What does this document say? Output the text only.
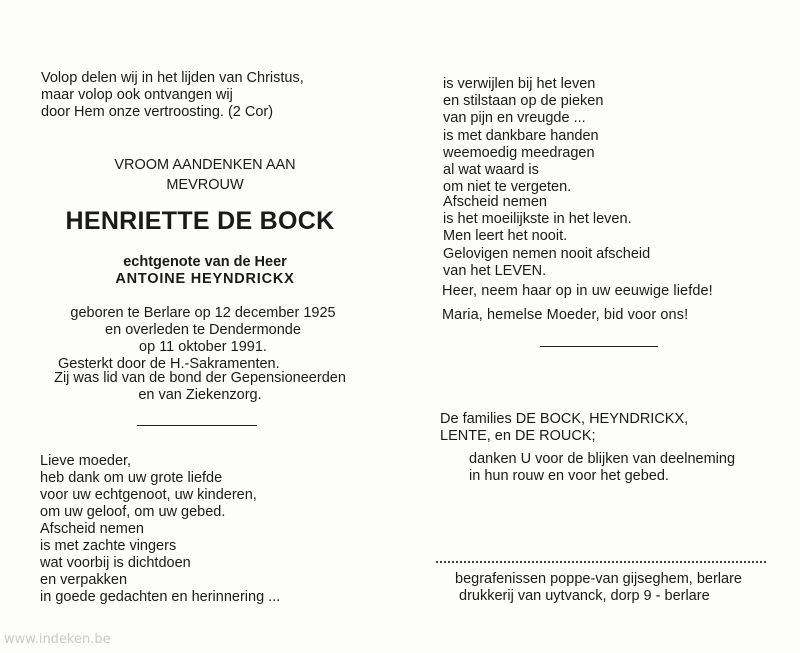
Volop delen wij in het lijden van Christus,
maar volop ook ontvangen wij
door Hem onze vertroosting. (2 Cor)
VROOM AANDENKEN AAN
MEVROUW
HENRIETTE DE BOCK
echtgenote van de Heer
ANTOINE HEYNDRICKX
geboren te Berlare op 12 december 1925
en overleden te Dendermonde
op 11 oktober 1991.
Gesterkt door de H.-Sakramenten.
Zij was lid van de bond der Gepensioneerden
en van Ziekenzorg.
Lieve moeder,
heb dank om uw grote liefde
voor uw echtgenoot, uw kinderen,
om uw geloof, om uw gebed.
Afscheid nemen
is met zachte vingers
wat voorbij is dichtdoen
en verpakken
in goede gedachten en herinnering ...
is verwijlen bij het leven
en stilstaan op de pieken
van pijn en vreugde ...
is met dankbare handen
weemoedig meedragen
al wat waard is
om niet te vergeten.
Afscheid nemen
is het moeilijkste in het leven.
Men leert het nooit.
Gelovigen nemen nooit afscheid
van het LEVEN.
Heer, neem haar op in uw eeuwige liefde!
Maria, hemelse Moeder, bid voor ons!
De families DE BOCK, HEYNDRICKX,
LENTE, en DE ROUCK;
danken U voor de blijken van deelneming
in hun rouw en voor het gebed.
begrafenissen poppe-van gijseghem, berlare
drukkerij van uytvanck, dorp 9 - berlare
www.indeken.be
